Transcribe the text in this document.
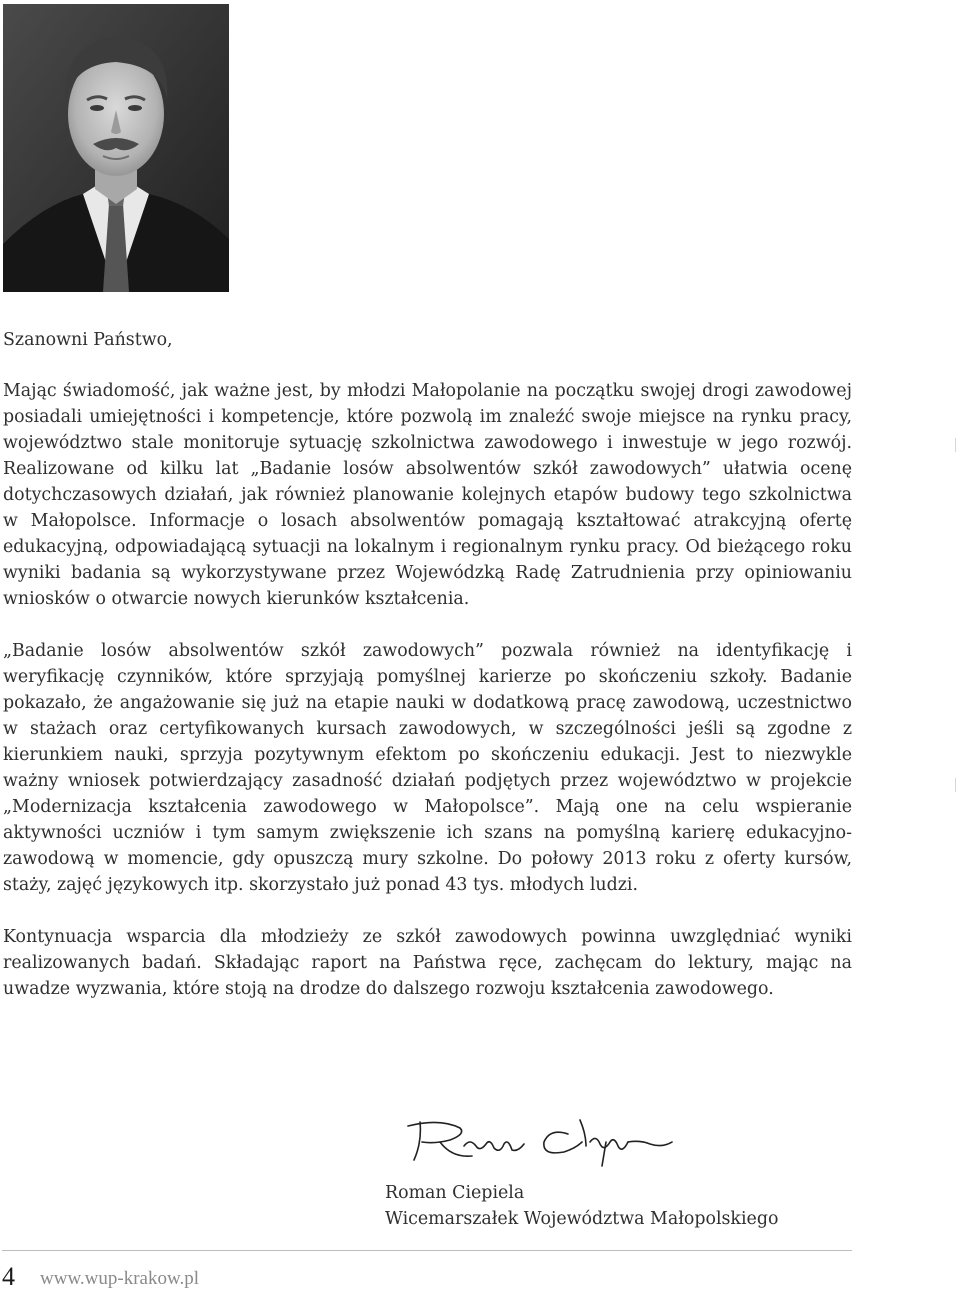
Szanowni Państwo,

Mając świadomość, jak ważne jest, by młodzi Małopolanie na początku swojej drogi zawodowej posiadali umiejętności i kompetencje, które pozwolą im znaleźć swoje miejsce na rynku pracy, województwo stale monitoruje sytuację szkolnictwa zawodowego i inwestuje w jego rozwój. Realizowane od kilku lat „Badanie losów absolwentów szkół zawodowych” ułatwia ocenę dotychczasowych działań, jak również planowanie kolejnych etapów budowy tego szkolnictwa w Małopolsce. Informacje o losach absolwentów pomagają kształtować atrakcyjną ofertę edukacyjną, odpowiadającą sytuacji na lokalnym i regionalnym rynku pracy. Od bieżącego roku wyniki badania są wykorzystywane przez Wojewódzką Radę Zatrudnienia przy opiniowaniu wniosków o otwarcie nowych kierunków kształcenia.

„Badanie losów absolwentów szkół zawodowych” pozwala również na identyfikację i weryfikację czynników, które sprzyjają pomyślnej karierze po skończeniu szkoły. Badanie pokazało, że angażowanie się już na etapie nauki w dodatkową pracę zawodową, uczestnictwo w stażach oraz certyfikowanych kursach zawodowych, w szczególności jeśli są zgodne z kierunkiem nauki, sprzyja pozytywnym efektom po skończeniu edukacji. Jest to niezwykle ważny wniosek potwierdzający zasadność działań podjętych przez województwo w projekcie „Modernizacja kształcenia zawodowego w Małopolsce”. Mają one na celu wspieranie aktywności uczniów i tym samym zwiększenie ich szans na pomyślną karierę edukacyjno-zawodową w momencie, gdy opuszczą mury szkolne. Do połowy 2013 roku z oferty kursów, staży, zajęć językowych itp. skorzystało już ponad 43 tys. młodych ludzi.

Kontynuacja wsparcia dla młodzieży ze szkół zawodowych powinna uwzględniać wyniki realizowanych badań. Składając raport na Państwa ręce, zachęcam do lektury, mając na uwadze wyzwania, które stoją na drodze do dalszego rozwoju kształcenia zawodowego.

Roman Ciepiela
Wicemarszałek Województwa Małopolskiego
4 www.wup-krakow.pl
